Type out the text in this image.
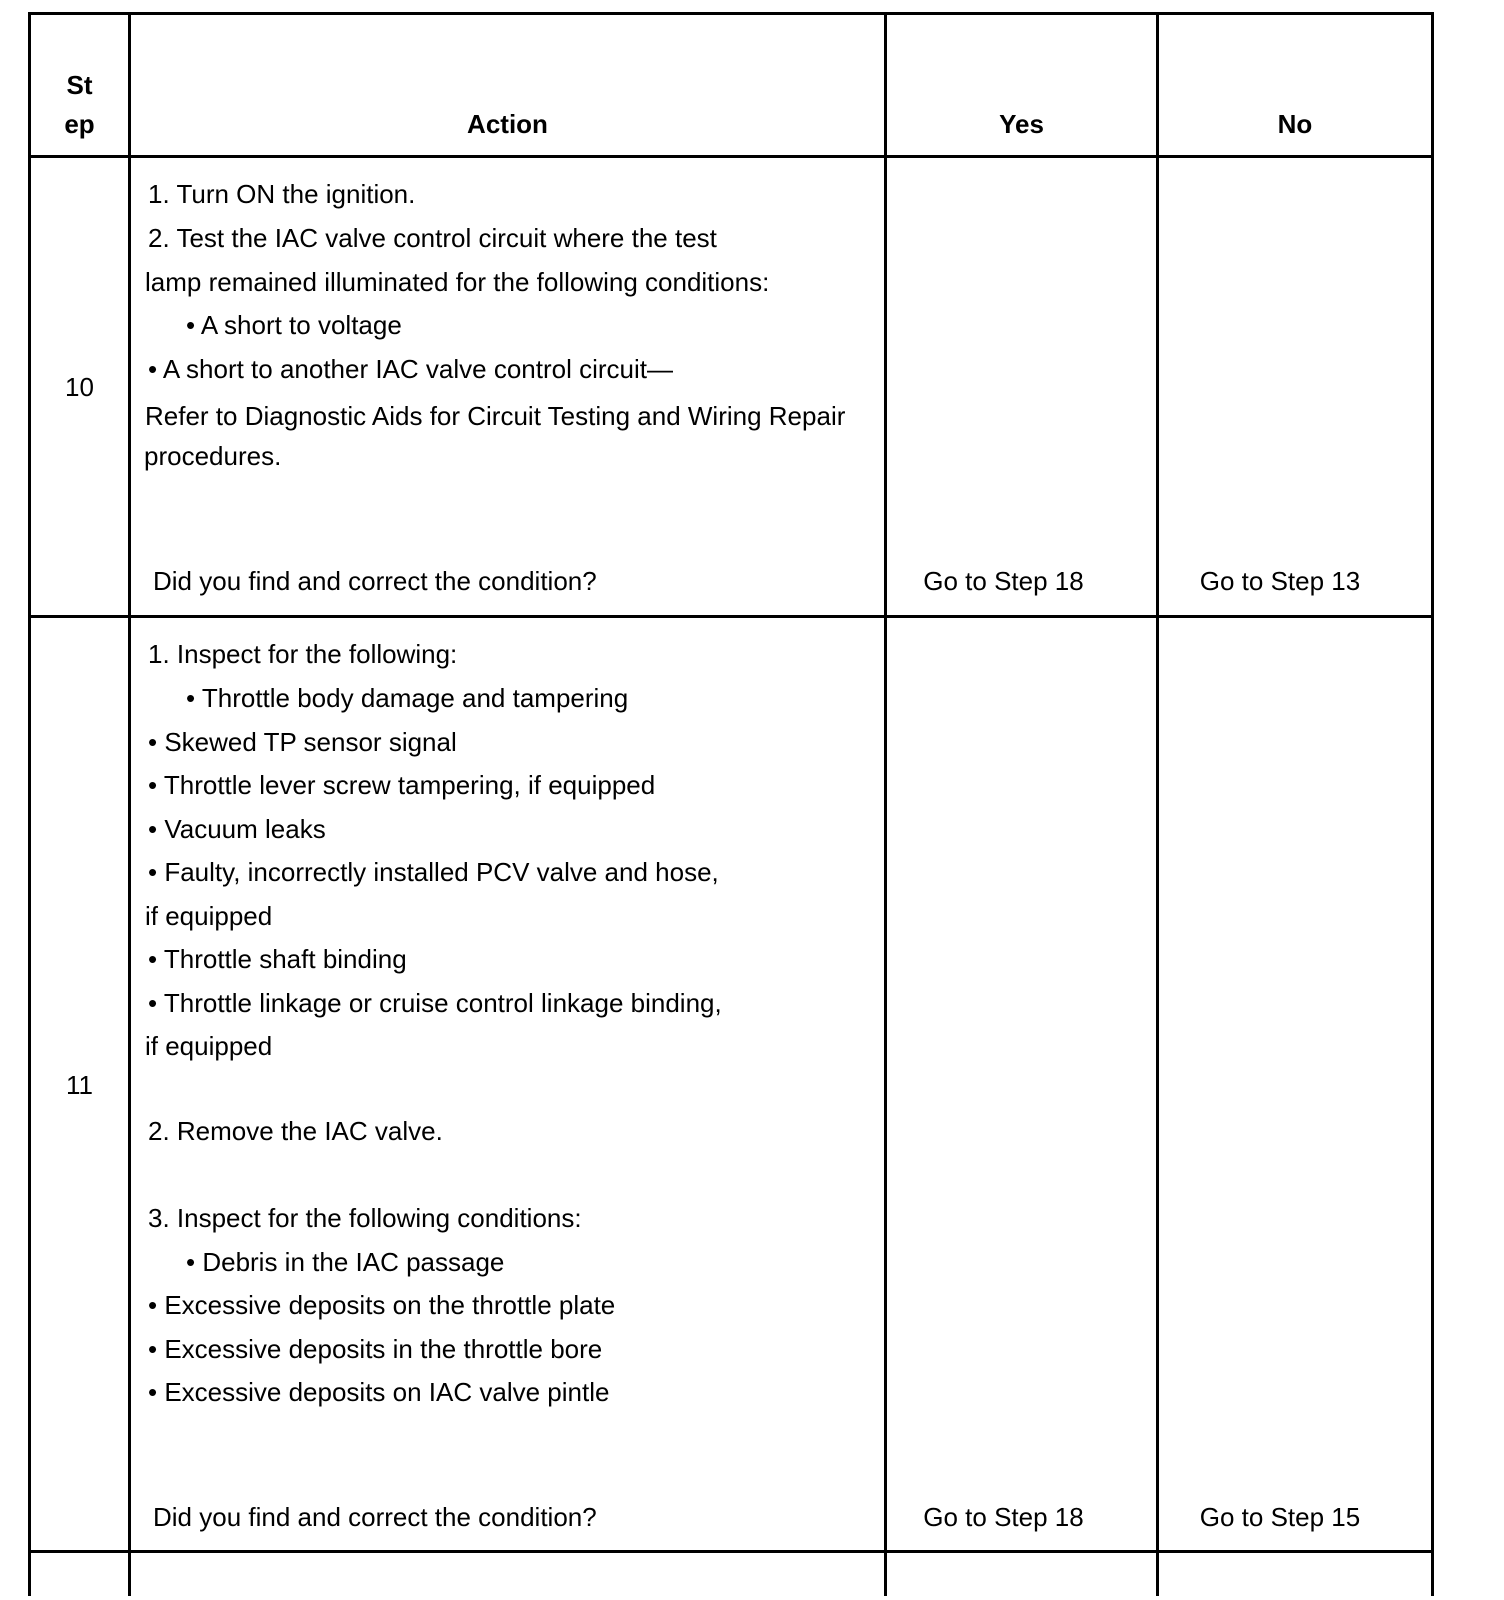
St
ep	Action	Yes	No
10
1. Turn ON the ignition.
2. Test the IAC valve control circuit where the test
lamp remained illuminated for the following conditions:
• A short to voltage
• A short to another IAC valve control circuit—
Refer to Diagnostic Aids for Circuit Testing and Wiring Repair
procedures.
Did you find and correct the condition?	Go to Step 18	Go to Step 13
11
1. Inspect for the following:
• Throttle body damage and tampering
• Skewed TP sensor signal
• Throttle lever screw tampering, if equipped
• Vacuum leaks
• Faulty, incorrectly installed PCV valve and hose,
if equipped
• Throttle shaft binding
• Throttle linkage or cruise control linkage binding,
if equipped
2. Remove the IAC valve.
3. Inspect for the following conditions:
• Debris in the IAC passage
• Excessive deposits on the throttle plate
• Excessive deposits in the throttle bore
• Excessive deposits on IAC valve pintle
Did you find and correct the condition?	Go to Step 18	Go to Step 15
